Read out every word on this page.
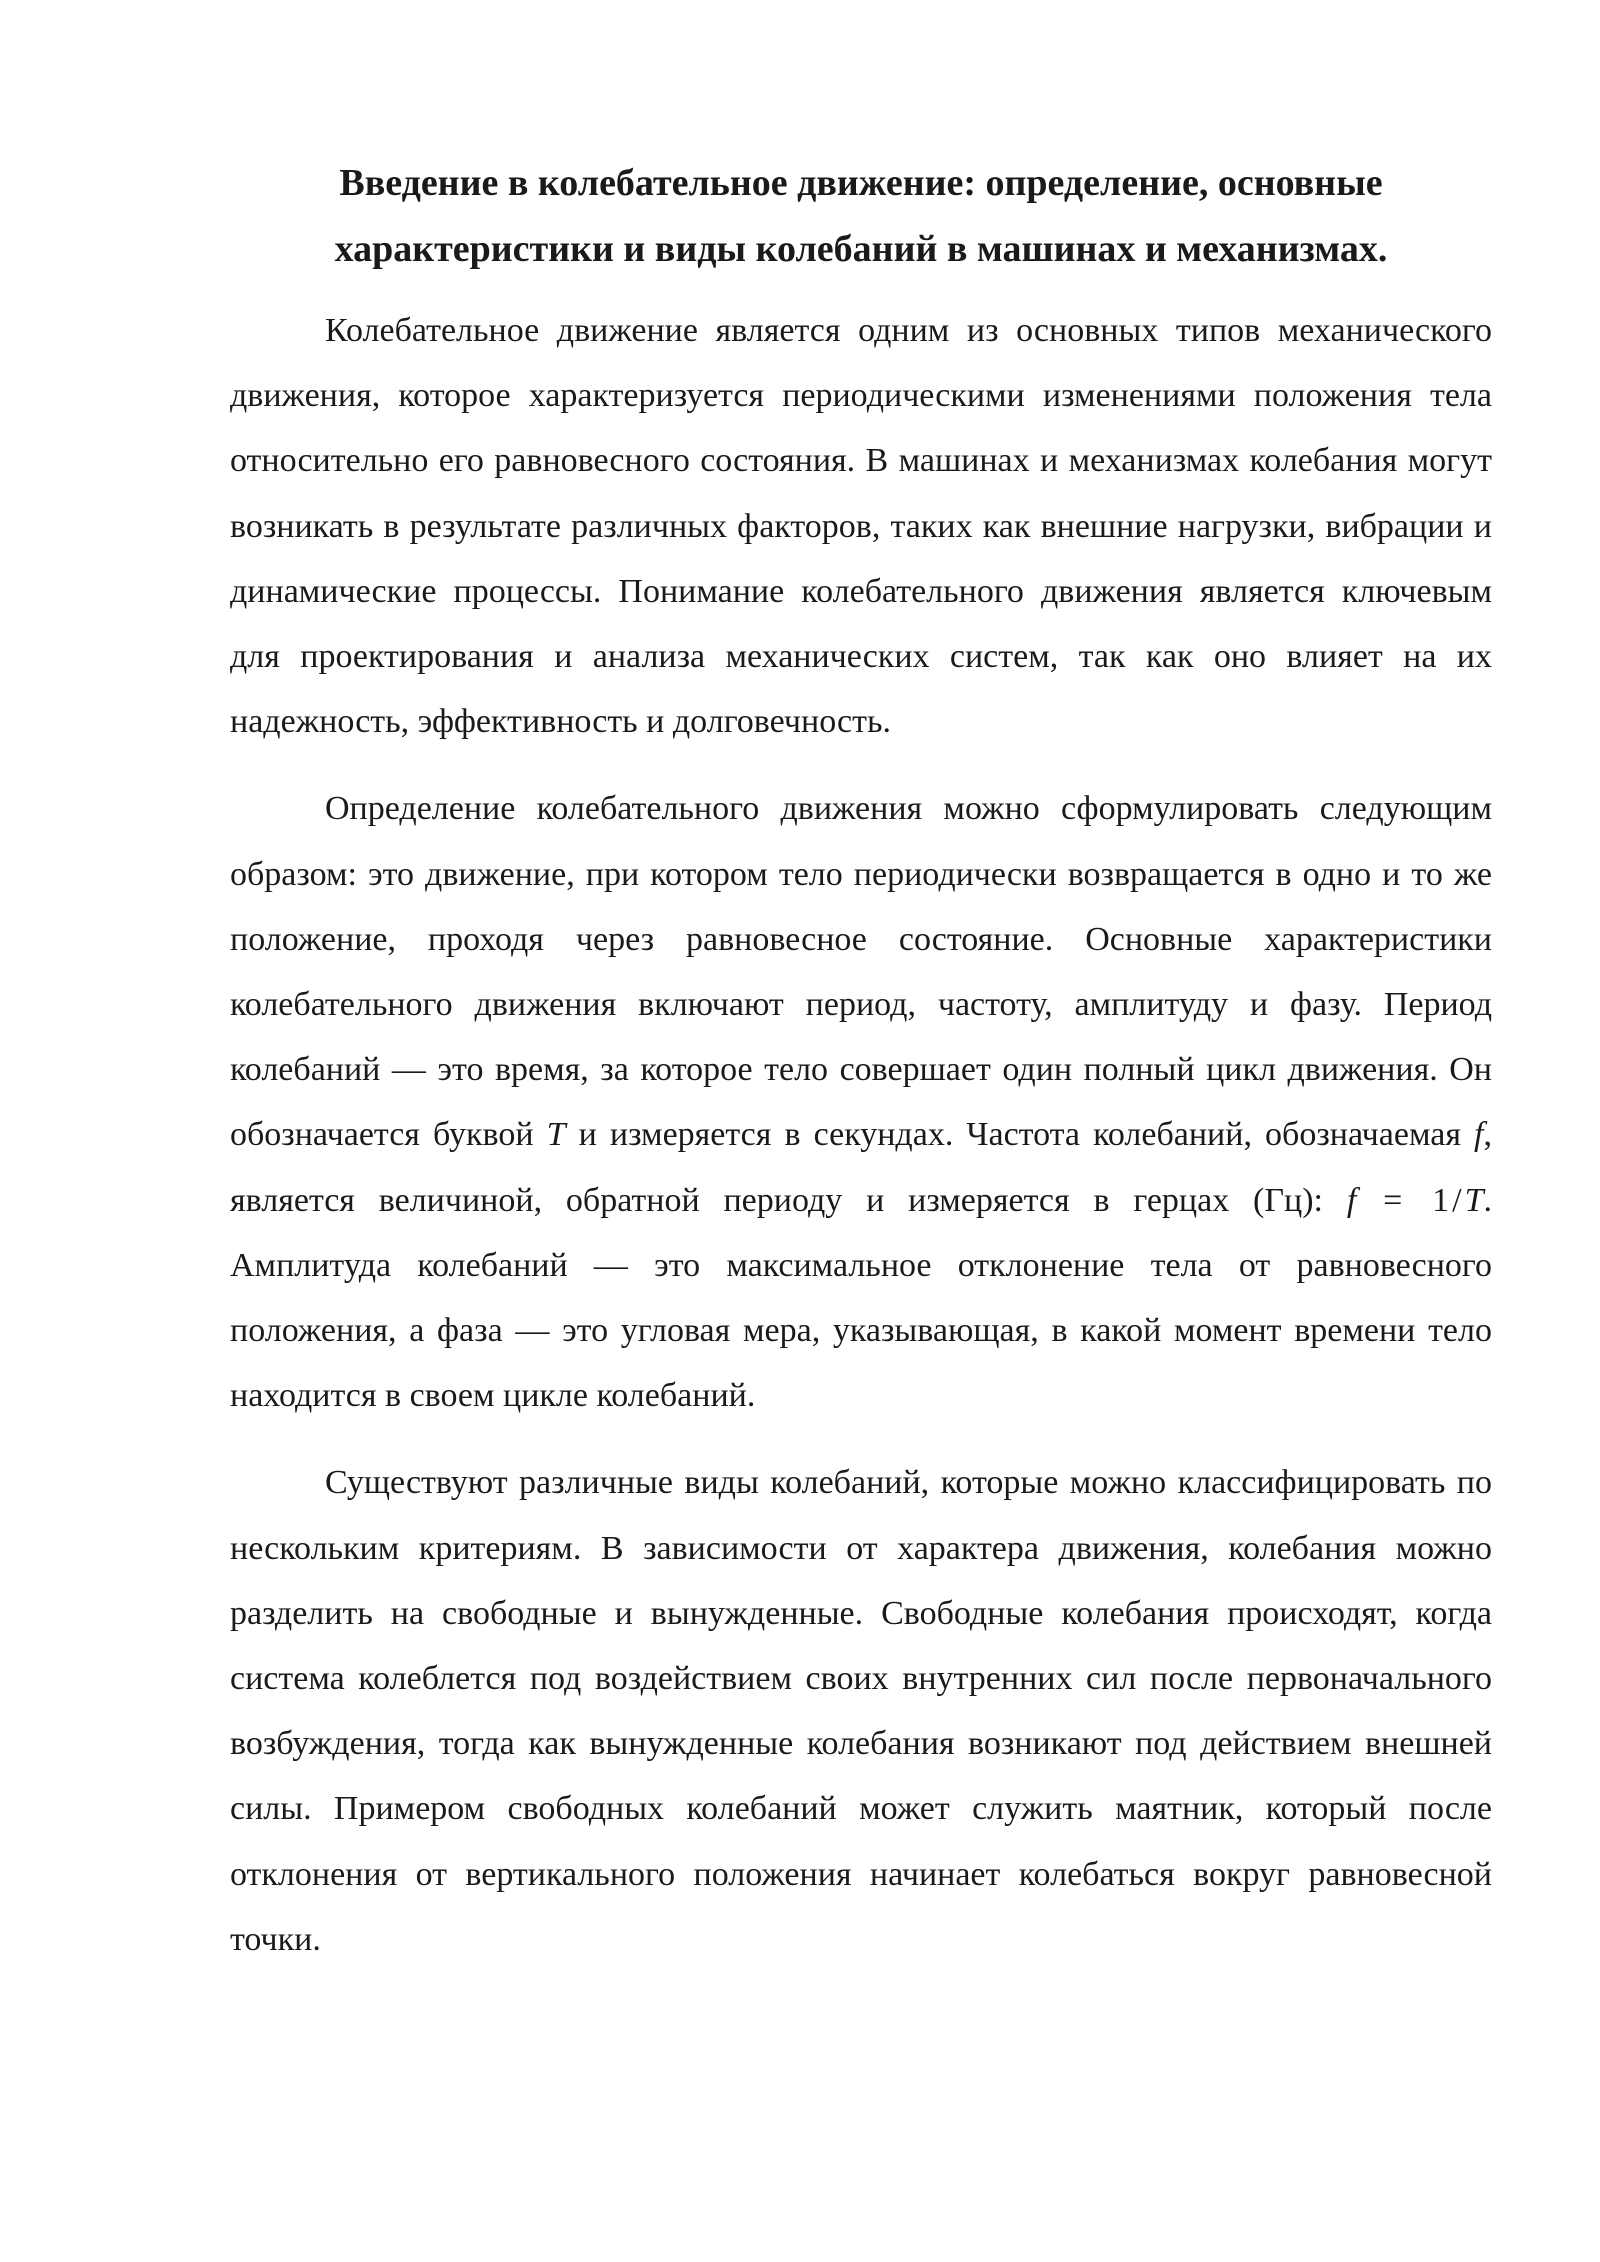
Введение в колебательное движение: определение, основные характеристики и виды колебаний в машинах и механизмах.

Колебательное движение является одним из основных типов механического движения, которое характеризуется периодическими изменениями положения тела относительно его равновесного состояния. В машинах и механизмах колебания могут возникать в результате различных факторов, таких как внешние нагрузки, вибрации и динамические процессы. Понимание колебательного движения является ключевым для проектирования и анализа механических систем, так как оно влияет на их надежность, эффективность и долговечность.

Определение колебательного движения можно сформулировать следующим образом: это движение, при котором тело периодически возвращается в одно и то же положение, проходя через равновесное состояние. Основные характеристики колебательного движения включают период, частоту, амплитуду и фазу. Период колебаний — это время, за которое тело совершает один полный цикл движения. Он обозначается буквой T и измеряется в секундах. Частота колебаний, обозначаемая f, является величиной, обратной периоду и измеряется в герцах (Гц): f = 1/T. Амплитуда колебаний — это максимальное отклонение тела от равновесного положения, а фаза — это угловая мера, указывающая, в какой момент времени тело находится в своем цикле колебаний.

Существуют различные виды колебаний, которые можно классифицировать по нескольким критериям. В зависимости от характера движения, колебания можно разделить на свободные и вынужденные. Свободные колебания происходят, когда система колеблется под воздействием своих внутренних сил после первоначального возбуждения, тогда как вынужденные колебания возникают под действием внешней силы. Примером свободных колебаний может служить маятник, который после отклонения от вертикального положения начинает колебаться вокруг равновесной точки.
